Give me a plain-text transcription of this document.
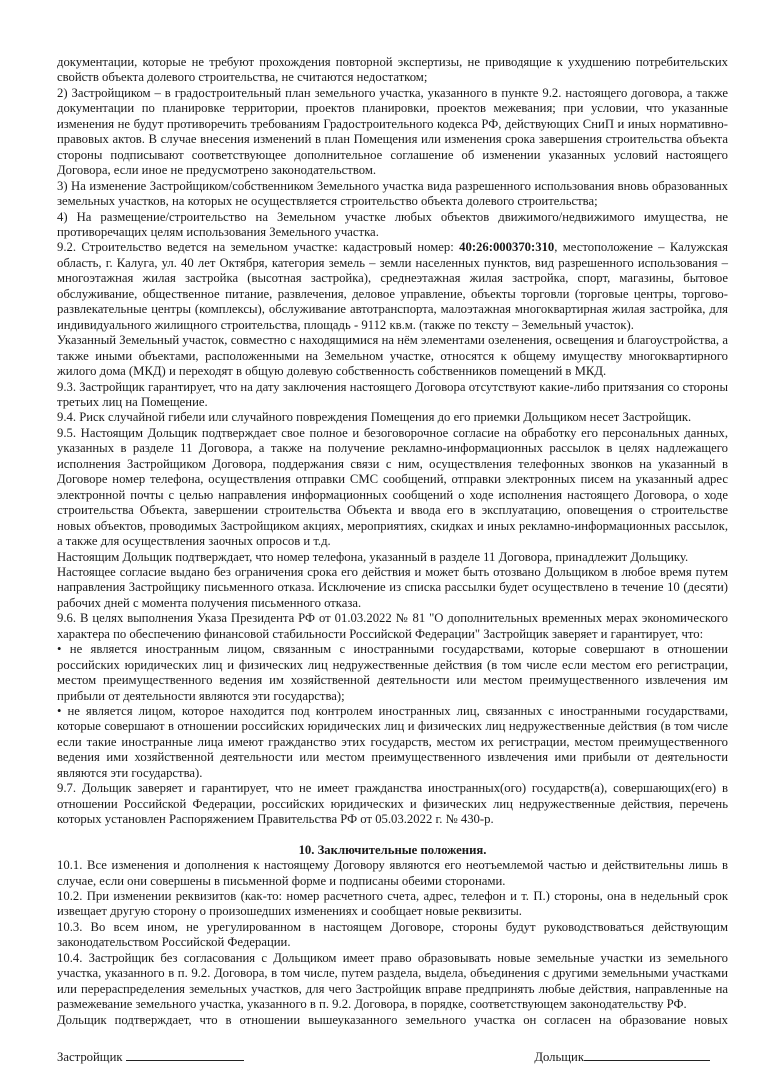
документации, которые не требуют прохождения повторной экспертизы, не приводящие к ухудшению потребительских свойств объекта долевого строительства, не считаются недостатком;

2) Застройщиком – в градостроительный план земельного участка, указанного в пункте 9.2. настоящего договора, а также документации по планировке территории, проектов планировки, проектов межевания; при условии, что указанные изменения не будут противоречить требованиям Градостроительного кодекса РФ, действующих СниП и иных нормативно-правовых актов. В случае внесения изменений в план Помещения или изменения срока завершения строительства объекта стороны подписывают соответствующее дополнительное соглашение об изменении указанных условий настоящего Договора, если иное не предусмотрено законодательством.

3) На изменение Застройщиком/собственником Земельного участка вида разрешенного использования вновь образованных земельных участков, на которых не осуществляется строительство объекта долевого строительства;

4) На размещение/строительство на Земельном участке любых объектов движимого/недвижимого имущества, не противоречащих целям использования Земельного участка.

9.2. Строительство ведется на земельном участке: кадастровый номер: 40:26:000370:310, местоположение – Калужская область, г. Калуга, ул. 40 лет Октября, категория земель – земли населенных пунктов, вид разрешенного использования – многоэтажная жилая застройка (высотная застройка), среднеэтажная жилая застройка, спорт, магазины, бытовое обслуживание, общественное питание, развлечения, деловое управление, объекты торговли (торговые центры, торгово-развлекательные центры (комплексы), обслуживание автотранспорта, малоэтажная многоквартирная жилая застройка, для индивидуального жилищного строительства, площадь - 9112 кв.м. (также по тексту – Земельный участок).

Указанный Земельный участок, совместно с находящимися на нём элементами озеленения, освещения и благоустройства, а также иными объектами, расположенными на Земельном участке, относятся к общему имуществу многоквартирного жилого дома (МКД) и переходят в общую долевую собственность собственников помещений в МКД.

9.3. Застройщик гарантирует, что на дату заключения настоящего Договора отсутствуют какие-либо притязания со стороны третьих лиц на Помещение.

9.4. Риск случайной гибели или случайного повреждения Помещения до его приемки Дольщиком несет Застройщик.

9.5. Настоящим Дольщик подтверждает свое полное и безоговорочное согласие на обработку его персональных данных, указанных в разделе 11 Договора, а также на получение рекламно-информационных рассылок в целях надлежащего исполнения Застройщиком Договора, поддержания связи с ним, осуществления телефонных звонков на указанный в Договоре номер телефона, осуществления отправки СМС сообщений, отправки электронных писем на указанный адрес электронной почты с целью направления информационных сообщений о ходе исполнения настоящего Договора, о ходе строительства Объекта, завершении строительства Объекта и ввода его в эксплуатацию, оповещения о строительстве новых объектов, проводимых Застройщиком акциях, мероприятиях, скидках и иных рекламно-информационных рассылок, а также для осуществления заочных опросов и т.д.

Настоящим Дольщик подтверждает, что номер телефона, указанный в разделе 11 Договора, принадлежит Дольщику.

Настоящее согласие выдано без ограничения срока его действия и может быть отозвано Дольщиком в любое время путем направления Застройщику письменного отказа. Исключение из списка рассылки будет осуществлено в течение 10 (десяти) рабочих дней с момента получения письменного отказа.

9.6. В целях выполнения Указа Президента РФ от 01.03.2022 № 81 "О дополнительных временных мерах экономического характера по обеспечению финансовой стабильности Российской Федерации" Застройщик заверяет и гарантирует, что:

• не является иностранным лицом, связанным с иностранными государствами, которые совершают в отношении российских юридических лиц и физических лиц недружественные действия (в том числе если местом его регистрации, местом преимущественного ведения им хозяйственной деятельности или местом преимущественного извлечения им прибыли от деятельности являются эти государства);

• не является лицом, которое находится под контролем иностранных лиц, связанных с иностранными государствами, которые совершают в отношении российских юридических лиц и физических лиц недружественные действия (в том числе если такие иностранные лица имеют гражданство этих государств, местом их регистрации, местом преимущественного ведения ими хозяйственной деятельности или местом преимущественного извлечения ими прибыли от деятельности являются эти государства).

9.7. Дольщик заверяет и гарантирует, что не имеет гражданства иностранных(ого) государств(а), совершающих(его) в отношении Российской Федерации, российских юридических и физических лиц недружественные действия, перечень которых установлен Распоряжением Правительства РФ от 05.03.2022 г. № 430-р.

10. Заключительные положения.

10.1. Все изменения и дополнения к настоящему Договору являются его неотъемлемой частью и действительны лишь в случае, если они совершены в письменной форме и подписаны обеими сторонами.

10.2. При изменении реквизитов (как-то: номер расчетного счета, адрес, телефон и т. П.) стороны, она в недельный срок извещает другую сторону о произошедших изменениях и сообщает новые реквизиты.

10.3. Во всем ином, не урегулированном в настоящем Договоре, стороны будут руководствоваться действующим законодательством Российской Федерации.

10.4. Застройщик без согласования с Дольщиком имеет право образовывать новые земельные участки из земельного участка, указанного в п. 9.2. Договора, в том числе, путем раздела, выдела, объединения с другими земельными участками или перераспределения земельных участков, для чего Застройщик вправе предпринять любые действия, направленные на размежевание земельного участка, указанного в п. 9.2. Договора, в порядке, соответствующем законодательству РФ.

Дольщик подтверждает, что в отношении вышеуказанного земельного участка он согласен на образование новых

Застройщик	Дольщик
